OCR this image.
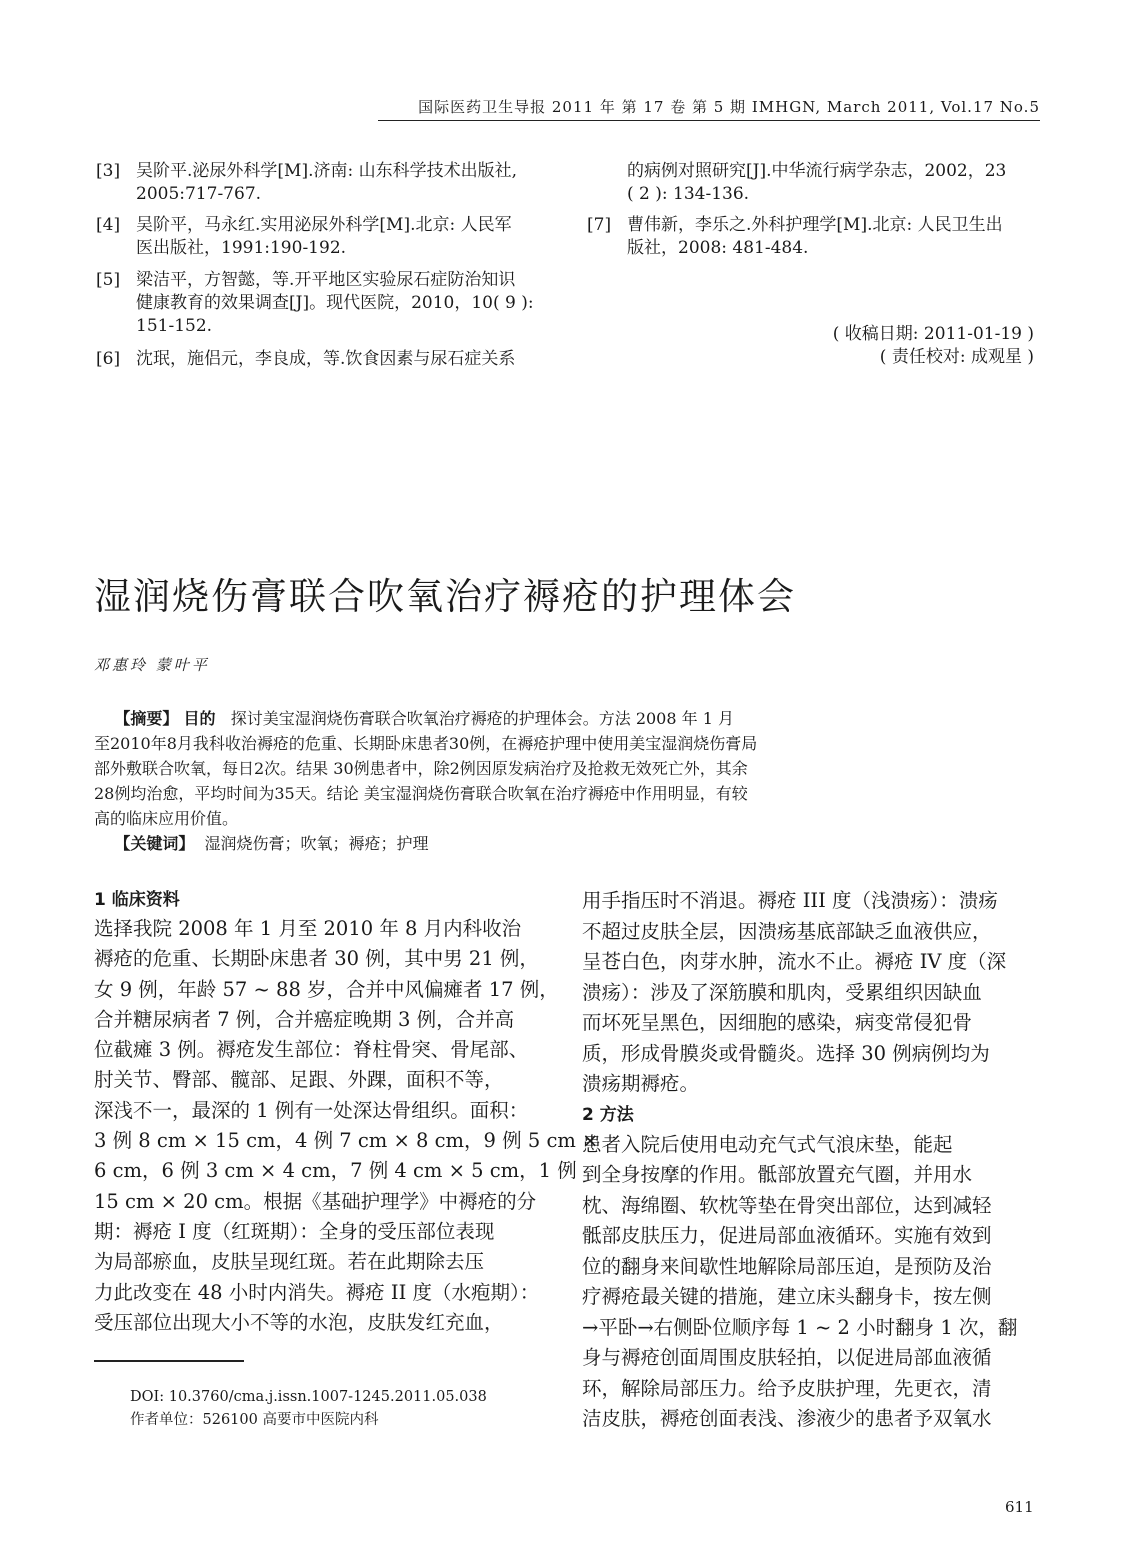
国际医药卫生导报 2011 年 第 17 卷 第 5 期 IMHGN, March 2011, Vol.17 No.5
[3] 吴阶平.泌尿外科学[M].济南: 山东科学技术出版社,
2005:717-767.
[4] 吴阶平，马永红.实用泌尿外科学[M].北京: 人民军
医出版社，1991:190-192.
[5] 梁洁平，方智懿，等.开平地区实验尿石症防治知识
健康教育的效果调查[J]。现代医院，2010，10( 9 ):
151-152.
[6] 沈珉，施侣元，李良成，等.饮食因素与尿石症关系
的病例对照研究[J].中华流行病学杂志，2002，23
( 2 ): 134-136.
[7] 曹伟新，李乐之.外科护理学[M].北京: 人民卫生出
版社，2008: 481-484.
( 收稿日期: 2011-01-19 )
( 责任校对: 成观星 )
湿润烧伤膏联合吹氧治疗褥疮的护理体会
邓惠玲 蒙叶平
【摘要】 目的 探讨美宝湿润烧伤膏联合吹氧治疗褥疮的护理体会。方法 2008 年 1 月
至2010年8月我科收治褥疮的危重、长期卧床患者30例，在褥疮护理中使用美宝湿润烧伤膏局
部外敷联合吹氧，每日2次。结果 30例患者中，除2例因原发病治疗及抢救无效死亡外，其余
28例均治愈，平均时间为35天。结论 美宝湿润烧伤膏联合吹氧在治疗褥疮中作用明显，有较
高的临床应用价值。
【关键词】 湿润烧伤膏；吹氧；褥疮；护理
1 临床资料
选择我院 2008 年 1 月至 2010 年 8 月内科收治
褥疮的危重、长期卧床患者 30 例，其中男 21 例，
女 9 例，年龄 57 ~ 88 岁，合并中风偏瘫者 17 例，
合并糖尿病者 7 例，合并癌症晚期 3 例，合并高
位截瘫 3 例。褥疮发生部位：脊柱骨突、骨尾部、
肘关节、臀部、髋部、足跟、外踝，面积不等，
深浅不一，最深的 1 例有一处深达骨组织。面积：
3 例 8 cm × 15 cm，4 例 7 cm × 8 cm，9 例 5 cm ×
6 cm，6 例 3 cm × 4 cm，7 例 4 cm × 5 cm，1 例
15 cm × 20 cm。根据《基础护理学》中褥疮的分
期：褥疮 I 度（红斑期）：全身的受压部位表现
为局部瘀血，皮肤呈现红斑。若在此期除去压
力此改变在 48 小时内消失。褥疮 II 度（水疱期）：
受压部位出现大小不等的水泡，皮肤发红充血，
用手指压时不消退。褥疮 III 度（浅溃疡）：溃疡
不超过皮肤全层，因溃疡基底部缺乏血液供应，
呈苍白色，肉芽水肿，流水不止。褥疮 IV 度（深
溃疡）：涉及了深筋膜和肌肉，受累组织因缺血
而坏死呈黑色，因细胞的感染，病变常侵犯骨
质，形成骨膜炎或骨髓炎。选择 30 例病例均为
溃疡期褥疮。
2 方法
患者入院后使用电动充气式气浪床垫，能起
到全身按摩的作用。骶部放置充气圈，并用水
枕、海绵圈、软枕等垫在骨突出部位，达到减轻
骶部皮肤压力，促进局部血液循环。实施有效到
位的翻身来间歇性地解除局部压迫，是预防及治
疗褥疮最关键的措施，建立床头翻身卡，按左侧
→平卧→右侧卧位顺序每 1 ~ 2 小时翻身 1 次，翻
身与褥疮创面周围皮肤轻拍，以促进局部血液循
环，解除局部压力。给予皮肤护理，先更衣，清
洁皮肤，褥疮创面表浅、渗液少的患者予双氧水
DOI: 10.3760/cma.j.issn.1007-1245.2011.05.038
作者单位：526100 高要市中医院内科
611
